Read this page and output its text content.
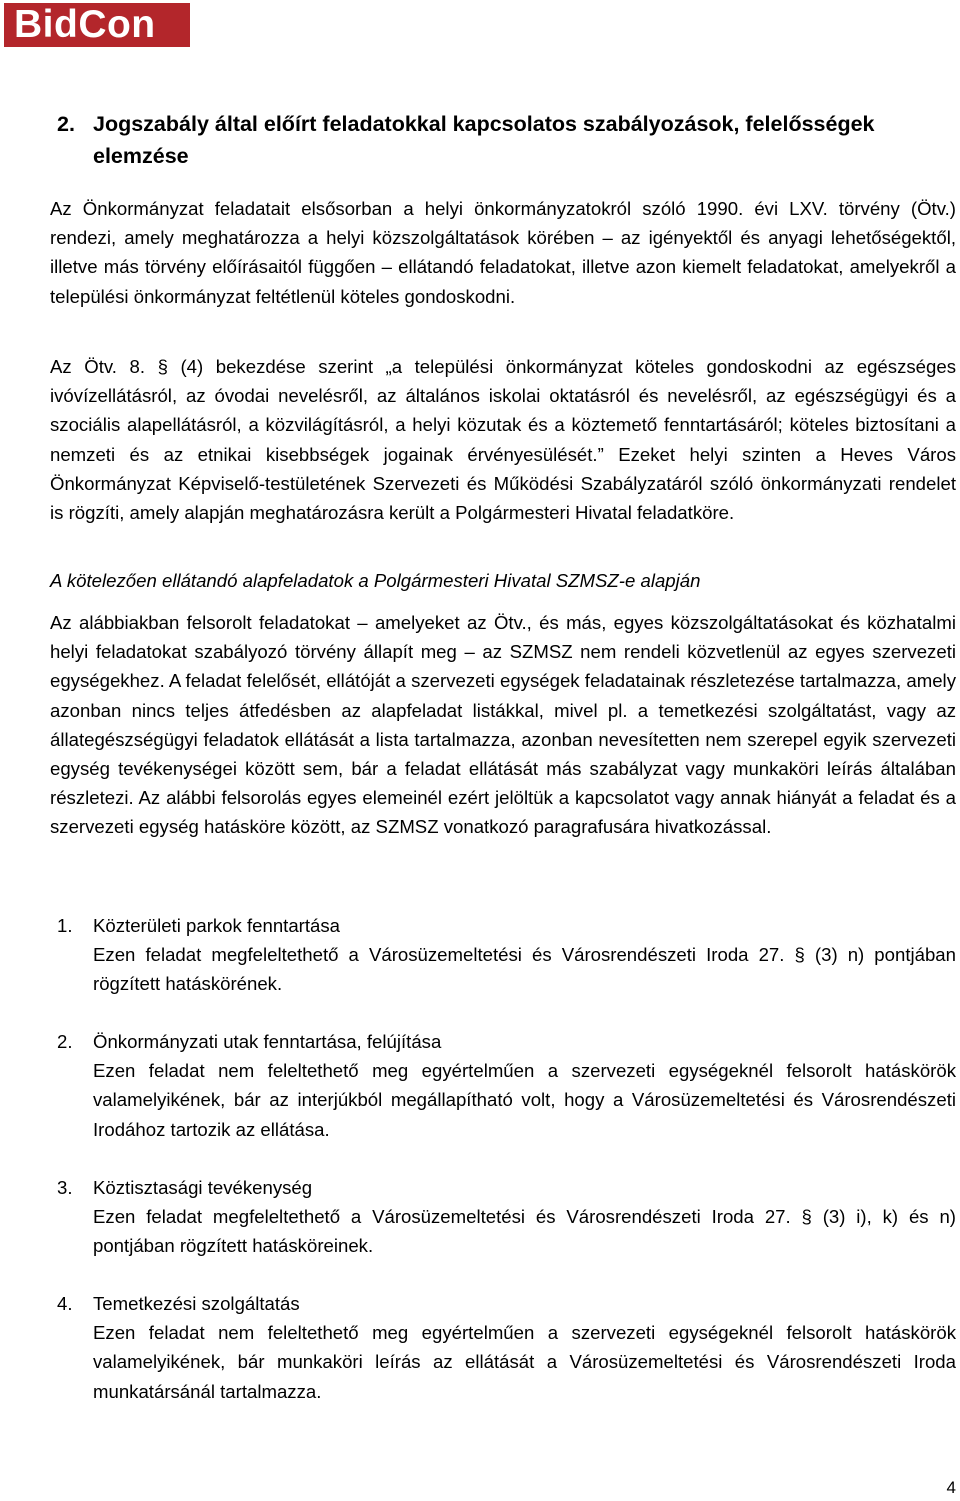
BidCon
2. Jogszabály által előírt feladatokkal kapcsolatos szabályozások, felelősségek elemzése

Az Önkormányzat feladatait elsősorban a helyi önkormányzatokról szóló 1990. évi LXV. törvény (Ötv.) rendezi, amely meghatározza a helyi közszolgáltatások körében – az igényektől és anyagi lehetőségektől, illetve más törvény előírásaitól függően – ellátandó feladatokat, illetve azon kiemelt feladatokat, amelyekről a települési önkormányzat feltétlenül köteles gondoskodni.

Az Ötv. 8. § (4) bekezdése szerint „a települési önkormányzat köteles gondoskodni az egészséges ivóvízellátásról, az óvodai nevelésről, az általános iskolai oktatásról és nevelésről, az egészségügyi és a szociális alapellátásról, a közvilágításról, a helyi közutak és a köztemető fenntartásáról; köteles biztosítani a nemzeti és az etnikai kisebbségek jogainak érvényesülését.” Ezeket helyi szinten a Heves Város Önkormányzat Képviselő-testületének Szervezeti és Működési Szabályzatáról szóló önkormányzati rendelet is rögzíti, amely alapján meghatározásra került a Polgármesteri Hivatal feladatköre.

A kötelezően ellátandó alapfeladatok a Polgármesteri Hivatal SZMSZ-e alapján

Az alábbiakban felsorolt feladatokat – amelyeket az Ötv., és más, egyes közszolgáltatásokat és közhatalmi helyi feladatokat szabályozó törvény állapít meg – az SZMSZ nem rendeli közvetlenül az egyes szervezeti egységekhez. A feladat felelősét, ellátóját a szervezeti egységek feladatainak részletezése tartalmazza, amely azonban nincs teljes átfedésben az alapfeladat listákkal, mivel pl. a temetkezési szolgáltatást, vagy az állategészségügyi feladatok ellátását a lista tartalmazza, azonban nevesítetten nem szerepel egyik szervezeti egység tevékenységei között sem, bár a feladat ellátását más szabályzat vagy munkaköri leírás általában részletezi. Az alábbi felsorolás egyes elemeinél ezért jelöltük a kapcsolatot vagy annak hiányát a feladat és a szervezeti egység hatásköre között, az SZMSZ vonatkozó paragrafusára hivatkozással.

1. Közterületi parkok fenntartása
Ezen feladat megfeleltethető a Városüzemeltetési és Városrendészeti Iroda 27. § (3) n) pontjában rögzített hatáskörének.
2. Önkormányzati utak fenntartása, felújítása
Ezen feladat nem feleltethető meg egyértelműen a szervezeti egységeknél felsorolt hatáskörök valamelyikének, bár az interjúkból megállapítható volt, hogy a Városüzemeltetési és Városrendészeti Irodához tartozik az ellátása.
3. Köztisztasági tevékenység
Ezen feladat megfeleltethető a Városüzemeltetési és Városrendészeti Iroda 27. § (3) i), k) és n) pontjában rögzített hatásköreinek.
4. Temetkezési szolgáltatás
Ezen feladat nem feleltethető meg egyértelműen a szervezeti egységeknél felsorolt hatáskörök valamelyikének, bár munkaköri leírás az ellátását a Városüzemeltetési és Városrendészeti Iroda munkatársánál tartalmazza.
4
